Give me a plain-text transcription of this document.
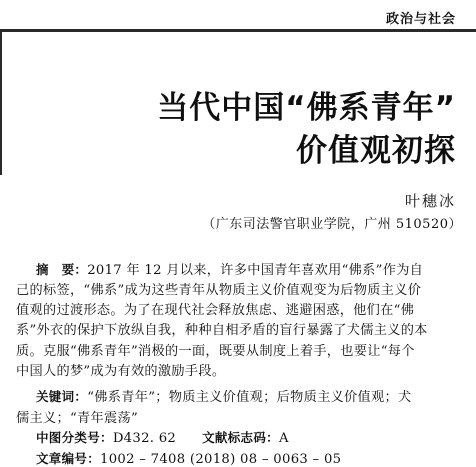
政治与社会
当代中国“佛系青年”
价值观初探
叶穗冰
（广东司法警官职业学院，广州 510520）
摘　要：2017 年 12 月以来，许多中国青年喜欢用“佛系”作为自
己的标签，“佛系”成为这些青年从物质主义价值观变为后物质主义价
值观的过渡形态。为了在现代社会释放焦虑、逃避困惑，他们在“佛
系”外衣的保护下放纵自我，种种自相矛盾的盲行暴露了犬儒主义的本
质。克服“佛系青年”消极的一面，既要从制度上着手，也要让“每个
中国人的梦”成为有效的激励手段。
关键词：“佛系青年”；物质主义价值观；后物质主义价值观；犬
儒主义；“青年震荡”
中图分类号：D432. 62 文献标志码：A
文章编号：1002 – 7408 (2018) 08 – 0063 – 05
